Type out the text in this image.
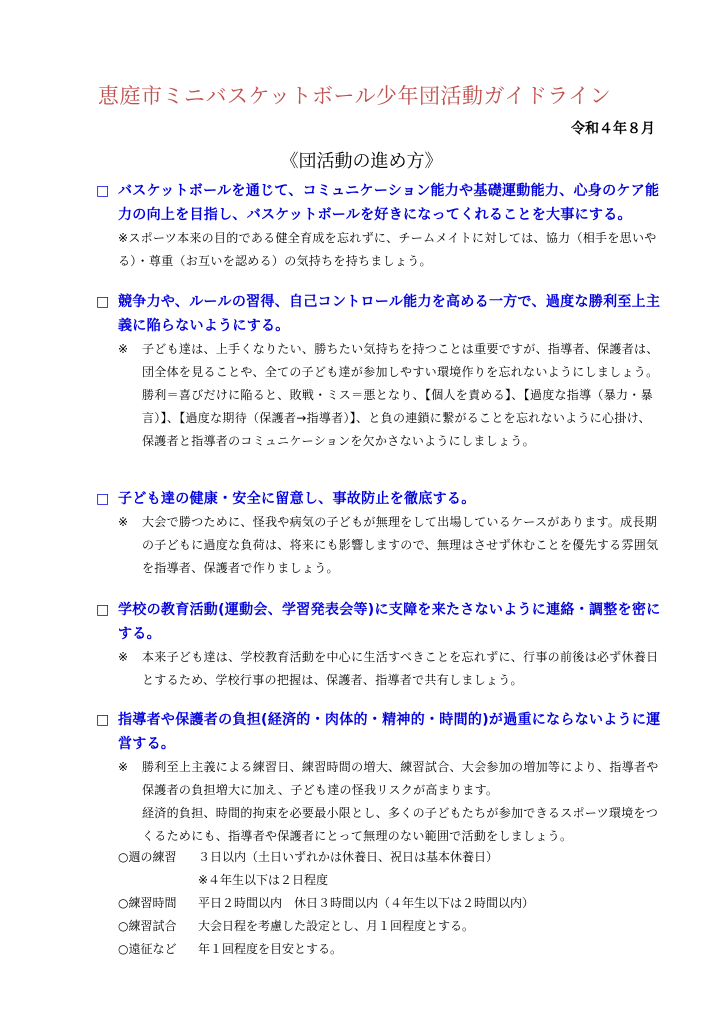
恵庭市ミニバスケットボール少年団活動ガイドライン
令和４年８月
《団活動の進め方》
□ バスケットボールを通じて、コミュニケーション能力や基礎運動能力、心身のケア能力の向上を目指し、バスケットボールを好きになってくれることを大事にする。
※スポーツ本来の目的である健全育成を忘れずに、チームメイトに対しては、協力（相手を思いやる）・尊重（お互いを認める）の気持ちを持ちましょう。
□ 競争力や、ルールの習得、自己コントロール能力を高める一方で、過度な勝利至上主義に陥らないようにする。
※ 子ども達は、上手くなりたい、勝ちたい気持ちを持つことは重要ですが、指導者、保護者は、団全体を見ることや、全ての子ども達が参加しやすい環境作りを忘れないようにしましょう。
勝利＝喜びだけに陥ると、敗戦・ミス＝悪となり、【個人を責める】、【過度な指導（暴力・暴言）】、【過度な期待（保護者→指導者）】、と負の連鎖に繋がることを忘れないように心掛け、保護者と指導者のコミュニケーションを欠かさないようにしましょう。
□ 子ども達の健康・安全に留意し、事故防止を徹底する。
※ 大会で勝つために、怪我や病気の子どもが無理をして出場しているケースがあります。成長期の子どもに過度な負荷は、将来にも影響しますので、無理はさせず休むことを優先する雰囲気を指導者、保護者で作りましょう。
□ 学校の教育活動(運動会、学習発表会等)に支障を来たさないように連絡・調整を密にする。
※ 本来子ども達は、学校教育活動を中心に生活すべきことを忘れずに、行事の前後は必ず休養日とするため、学校行事の把握は、保護者、指導者で共有しましょう。
□ 指導者や保護者の負担(経済的・肉体的・精神的・時間的)が過重にならないように運営する。
※ 勝利至上主義による練習日、練習時間の増大、練習試合、大会参加の増加等により、指導者や保護者の負担増大に加え、子ども達の怪我リスクが高まります。
経済的負担、時間的拘束を必要最小限とし、多くの子どもたちが参加できるスポーツ環境をつくるためにも、指導者や保護者にとって無理のない範囲で活動をしましょう。
○週の練習	３日以内（土日いずれかは休養日、祝日は基本休養日）
※４年生以下は２日程度
○練習時間	平日２時間以内　休日３時間以内（４年生以下は２時間以内）
○練習試合	大会日程を考慮した設定とし、月１回程度とする。
○遠征など	年１回程度を目安とする。
